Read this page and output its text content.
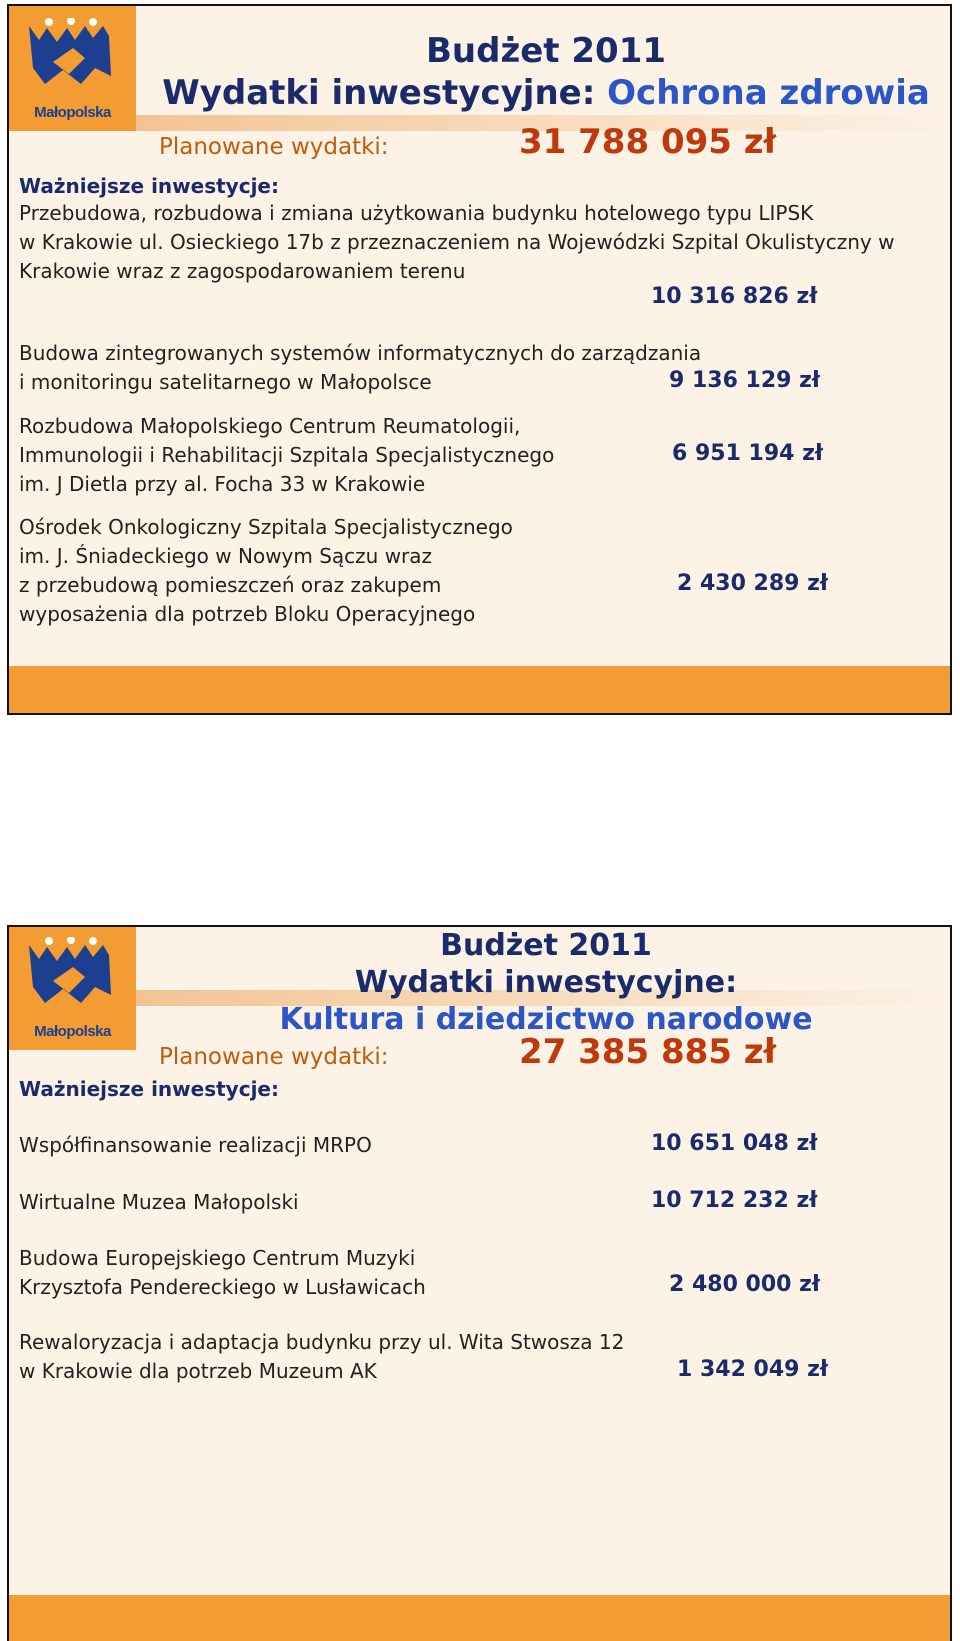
Małopolska
Budżet 2011
Wydatki inwestycyjne: Ochrona zdrowia
Planowane wydatki:	31 788 095 zł
Ważniejsze inwestycje:
Przebudowa, rozbudowa i zmiana użytkowania budynku hotelowego typu LIPSK
w Krakowie ul. Osieckiego 17b z przeznaczeniem na Wojewódzki Szpital Okulistyczny w
Krakowie wraz z zagospodarowaniem terenu
10 316 826 zł
Budowa zintegrowanych systemów informatycznych do zarządzania
i monitoringu satelitarnego w Małopolsce	9 136 129 zł
Rozbudowa Małopolskiego Centrum Reumatologii,
Immunologii i Rehabilitacji Szpitala Specjalistycznego
im. J Dietla przy al. Focha 33 w Krakowie
6 951 194 zł
Ośrodek Onkologiczny Szpitala Specjalistycznego
im. J. Śniadeckiego w Nowym Sączu wraz
z przebudową pomieszczeń oraz zakupem
wyposażenia dla potrzeb Bloku Operacyjnego
2 430 289 zł
Małopolska
Budżet 2011
Wydatki inwestycyjne:
Kultura i dziedzictwo narodowe
Planowane wydatki:	27 385 885 zł
Ważniejsze inwestycje:
Współfinansowanie realizacji MRPO	10 651 048 zł
Wirtualne Muzea Małopolski	10 712 232 zł
Budowa Europejskiego Centrum Muzyki
Krzysztofa Pendereckiego w Lusławicach	2 480 000 zł
Rewaloryzacja i adaptacja budynku przy ul. Wita Stwosza 12
w Krakowie dla potrzeb Muzeum AK	1 342 049 zł
